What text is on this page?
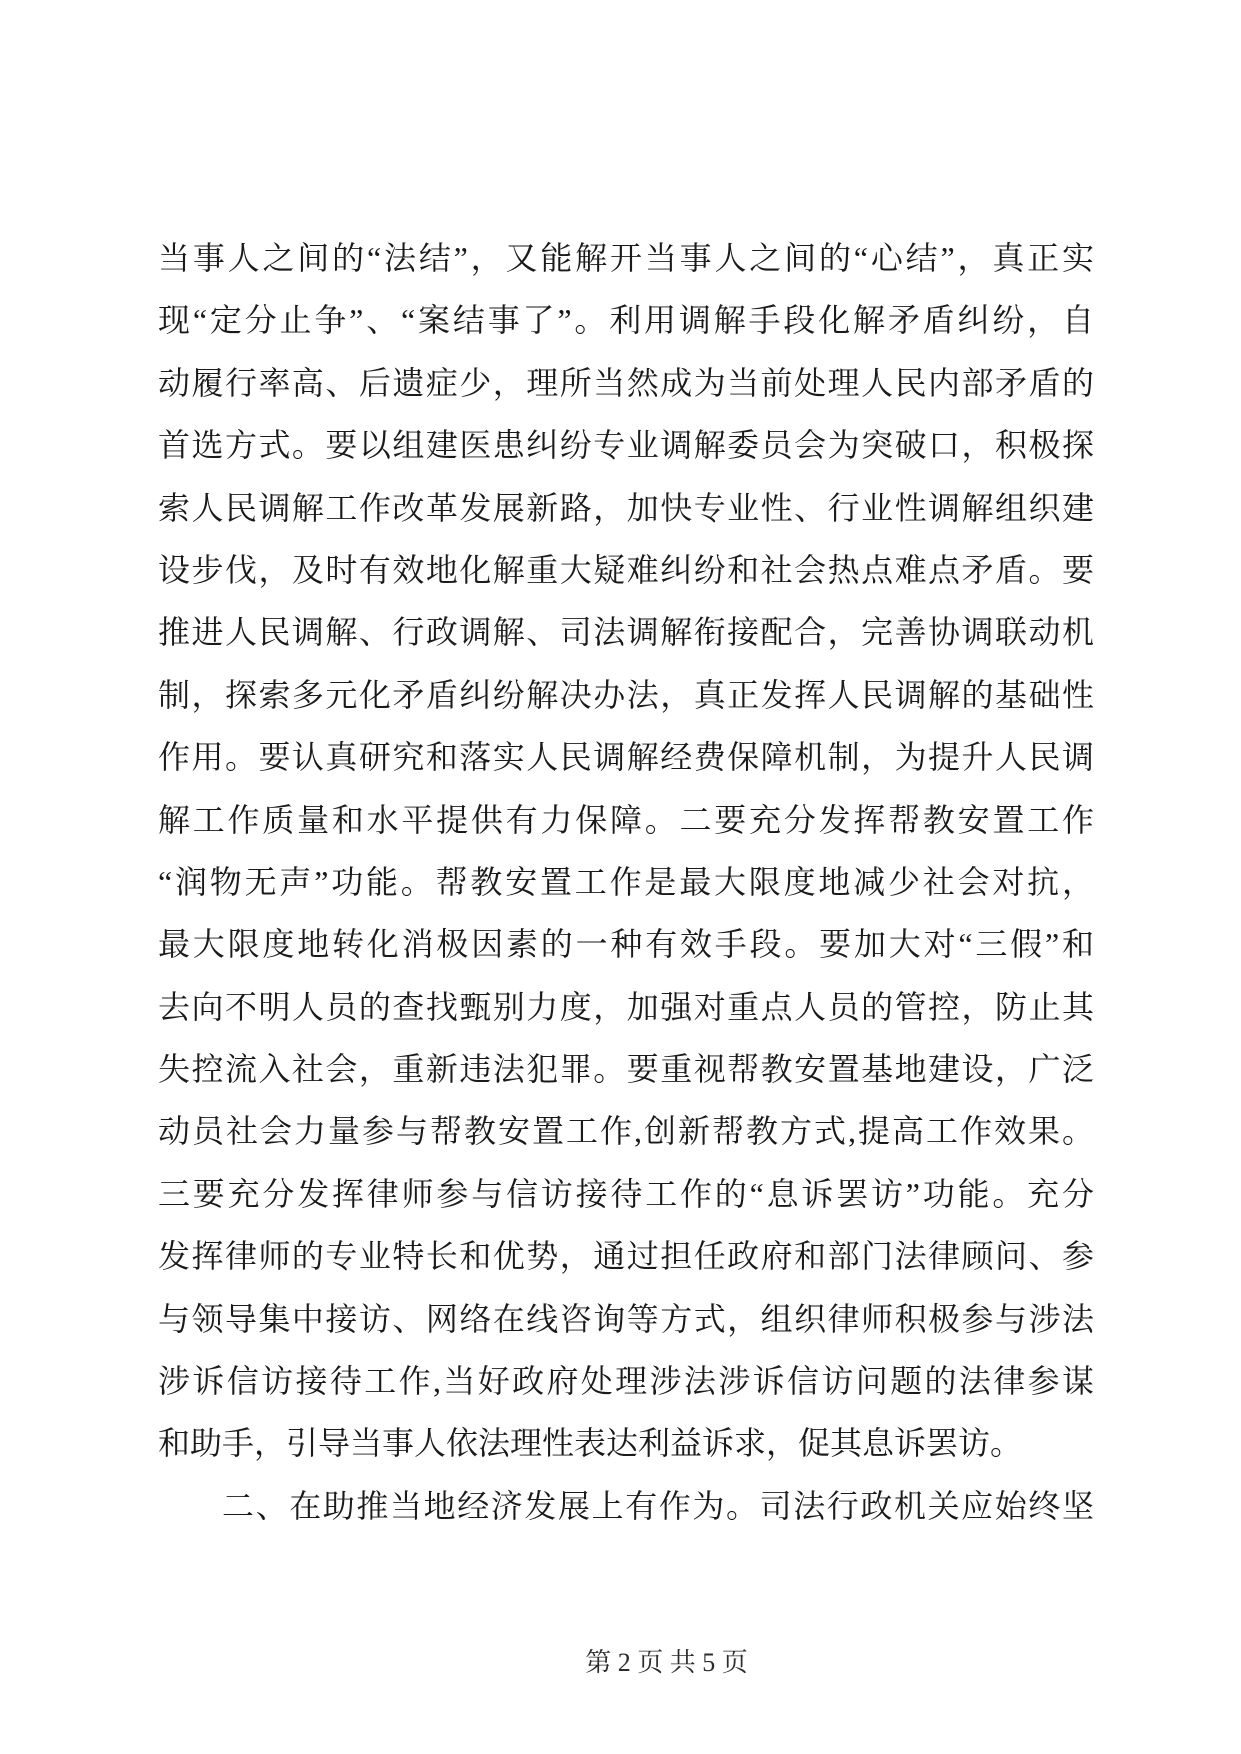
当事人之间的“法结”，又能解开当事人之间的“心结”，真正实
现“定分止争”、“案结事了”。利用调解手段化解矛盾纠纷，自
动履行率高、后遗症少，理所当然成为当前处理人民内部矛盾的
首选方式。要以组建医患纠纷专业调解委员会为突破口，积极探
索人民调解工作改革发展新路，加快专业性、行业性调解组织建
设步伐，及时有效地化解重大疑难纠纷和社会热点难点矛盾。要
推进人民调解、行政调解、司法调解衔接配合，完善协调联动机
制，探索多元化矛盾纠纷解决办法，真正发挥人民调解的基础性
作用。要认真研究和落实人民调解经费保障机制，为提升人民调
解工作质量和水平提供有力保障。二要充分发挥帮教安置工作
“润物无声”功能。帮教安置工作是最大限度地减少社会对抗，
最大限度地转化消极因素的一种有效手段。要加大对“三假”和
去向不明人员的查找甄别力度，加强对重点人员的管控，防止其
失控流入社会，重新违法犯罪。要重视帮教安置基地建设，广泛
动员社会力量参与帮教安置工作,创新帮教方式,提高工作效果。
三要充分发挥律师参与信访接待工作的“息诉罢访”功能。充分
发挥律师的专业特长和优势，通过担任政府和部门法律顾问、参
与领导集中接访、网络在线咨询等方式，组织律师积极参与涉法
涉诉信访接待工作,当好政府处理涉法涉诉信访问题的法律参谋
和助手，引导当事人依法理性表达利益诉求，促其息诉罢访。
二、在助推当地经济发展上有作为。司法行政机关应始终坚

第 2 页 共 5 页
